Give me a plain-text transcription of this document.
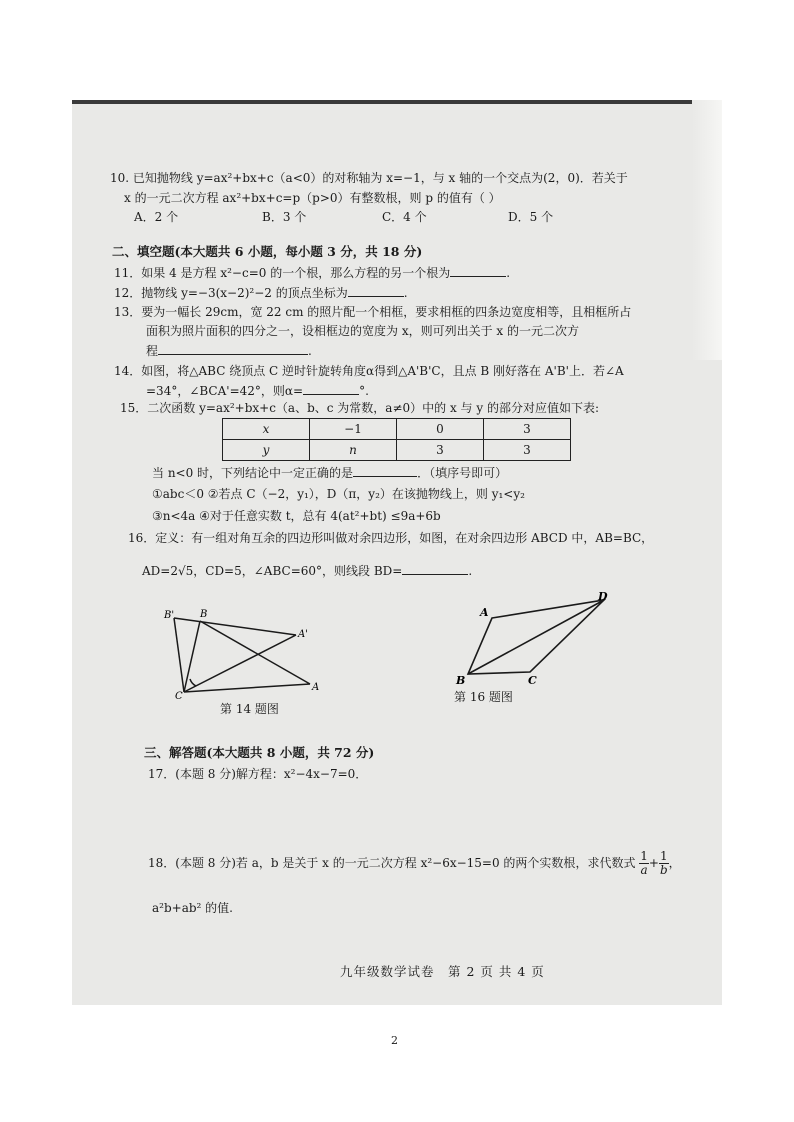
10. 已知抛物线 y=ax²+bx+c（a<0）的对称轴为 x=−1，与 x 轴的一个交点为(2，0)．若关于
x 的一元二次方程 ax²+bx+c=p（p>0）有整数根，则 p 的值有（ ）
A．2 个	B．3 个	C．4 个	D．5 个
二、填空题(本大题共 6 小题，每小题 3 分，共 18 分)
11．如果 4 是方程 x²−c=0 的一个根，那么方程的另一个根为	.
12．抛物线 y=−3(x−2)²−2 的顶点坐标为	.
13．要为一幅长 29cm，宽 22 cm 的照片配一个相框，要求相框的四条边宽度相等，且相框所占
面积为照片面积的四分之一，设相框边的宽度为 x，则可列出关于 x 的一元二次方
程	.
14．如图，将△ABC 绕顶点 C 逆时针旋转角度α得到△A'B'C，且点 B 刚好落在 A'B'上．若∠A
=34°，∠BCA'=42°，则α=	°.
15．二次函数 y=ax²+bx+c（a、b、c 为常数，a≠0）中的 x 与 y 的部分对应值如下表:
x	−1	0	3
y	n	3	3
当 n<0 时，下列结论中一定正确的是	．（填序号即可）
①abc＜0 ②若点 C（−2，y₁），D（π，y₂）在该抛物线上，则 y₁<y₂
③n<4a ④对于任意实数 t，总有 4(at²+bt) ≤9a+6b
16．定义：有一组对角互余的四边形叫做对余四边形，如图，在对余四边形 ABCD 中，AB=BC，
AD=2√5，CD=5，∠ABC=60°，则线段 BD=	.
B'	B
A'
C
A
第 14 题图
A
D
B	C
第 16 题图
三、解答题(本大题共 8 小题，共 72 分)
17．(本题 8 分)解方程：x²−4x−7=0．
18．(本题 8 分)若 a，b 是关于 x 的一元二次方程 x²−6x−15=0 的两个实数根，求代数式 $\frac{1}{a} + \frac{1}{b}$ ，
a²b+ab² 的值.
九年级数学试卷　第 2 页 共 4 页
2
